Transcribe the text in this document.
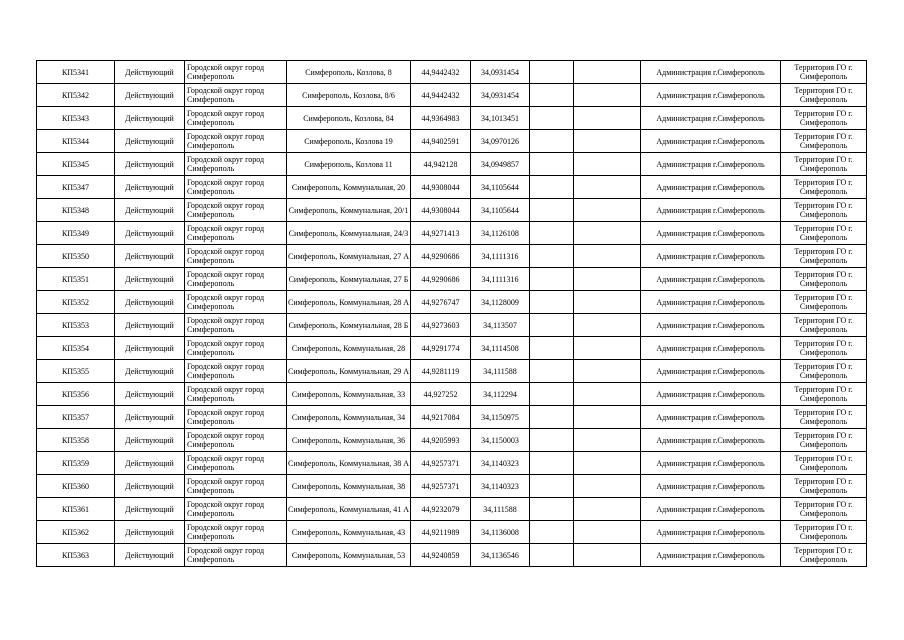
КП5341	Действующий	Городской округ город Симферополь	Симферополь, Козлова, 8	44,9442432	34,0931454			Администрация г.Симферополь	Территория ГО г. Симферополь
КП5342	Действующий	Городской округ город Симферополь	Симферополь, Козлова, 8/6	44,9442432	34,0931454			Администрация г.Симферополь	Территория ГО г. Симферополь
КП5343	Действующий	Городской округ город Симферополь	Симферополь, Козлова, 84	44,9364983	34,1013451			Администрация г.Симферополь	Территория ГО г. Симферополь
КП5344	Действующий	Городской округ город Симферополь	Симферополь, Козлова 19	44,9402591	34,0970126			Администрация г.Симферополь	Территория ГО г. Симферополь
КП5345	Действующий	Городской округ город Симферополь	Симферополь, Козлова 11	44,942128	34,0949857			Администрация г.Симферополь	Территория ГО г. Симферополь
КП5347	Действующий	Городской округ город Симферополь	Симферополь, Коммунальная, 20	44,9308044	34,1105644			Администрация г.Симферополь	Территория ГО г. Симферополь
КП5348	Действующий	Городской округ город Симферополь	Симферополь, Коммунальная, 20/1	44,9308044	34,1105644			Администрация г.Симферополь	Территория ГО г. Симферополь
КП5349	Действующий	Городской округ город Симферополь	Симферополь, Коммунальная, 24/3	44,9271413	34,1126108			Администрация г.Симферополь	Территория ГО г. Симферополь
КП5350	Действующий	Городской округ город Симферополь	Симферополь, Коммунальная, 27 А	44,9290686	34,1111316			Администрация г.Симферополь	Территория ГО г. Симферополь
КП5351	Действующий	Городской округ город Симферополь	Симферополь, Коммунальная, 27 Б	44,9290686	34,1111316			Администрация г.Симферополь	Территория ГО г. Симферополь
КП5352	Действующий	Городской округ город Симферополь	Симферополь, Коммунальная, 28 А	44,9276747	34,1128009			Администрация г.Симферополь	Территория ГО г. Симферополь
КП5353	Действующий	Городской округ город Симферополь	Симферополь, Коммунальная, 28 Б	44,9273603	34,113507			Администрация г.Симферополь	Территория ГО г. Симферополь
КП5354	Действующий	Городской округ город Симферополь	Симферополь, Коммунальная, 28	44,9291774	34,1114508			Администрация г.Симферополь	Территория ГО г. Симферополь
КП5355	Действующий	Городской округ город Симферополь	Симферополь, Коммунальная, 29 А	44,9281119	34,111588			Администрация г.Симферополь	Территория ГО г. Симферополь
КП5356	Действующий	Городской округ город Симферополь	Симферополь, Коммунальная, 33	44,927252	34,112294			Администрация г.Симферополь	Территория ГО г. Симферополь
КП5357	Действующий	Городской округ город Симферополь	Симферополь, Коммунальная, 34	44,9217084	34,1150975			Администрация г.Симферополь	Территория ГО г. Симферополь
КП5358	Действующий	Городской округ город Симферополь	Симферополь, Коммунальная, 36	44,9205993	34,1150003			Администрация г.Симферополь	Территория ГО г. Симферополь
КП5359	Действующий	Городской округ город Симферополь	Симферополь, Коммунальная, 38 А	44,9257371	34,1140323			Администрация г.Симферополь	Территория ГО г. Симферополь
КП5360	Действующий	Городской округ город Симферополь	Симферополь, Коммунальная, 38	44,9257371	34,1140323			Администрация г.Симферополь	Территория ГО г. Симферополь
КП5361	Действующий	Городской округ город Симферополь	Симферополь, Коммунальная, 41 А	44,9232079	34,111588			Администрация г.Симферополь	Территория ГО г. Симферополь
КП5362	Действующий	Городской округ город Симферополь	Симферополь, Коммунальная, 43	44,9211989	34,1136008			Администрация г.Симферополь	Территория ГО г. Симферополь
КП5363	Действующий	Городской округ город Симферополь	Симферополь, Коммунальная, 53	44,9240859	34,1136546			Администрация г.Симферополь	Территория ГО г. Симферополь
